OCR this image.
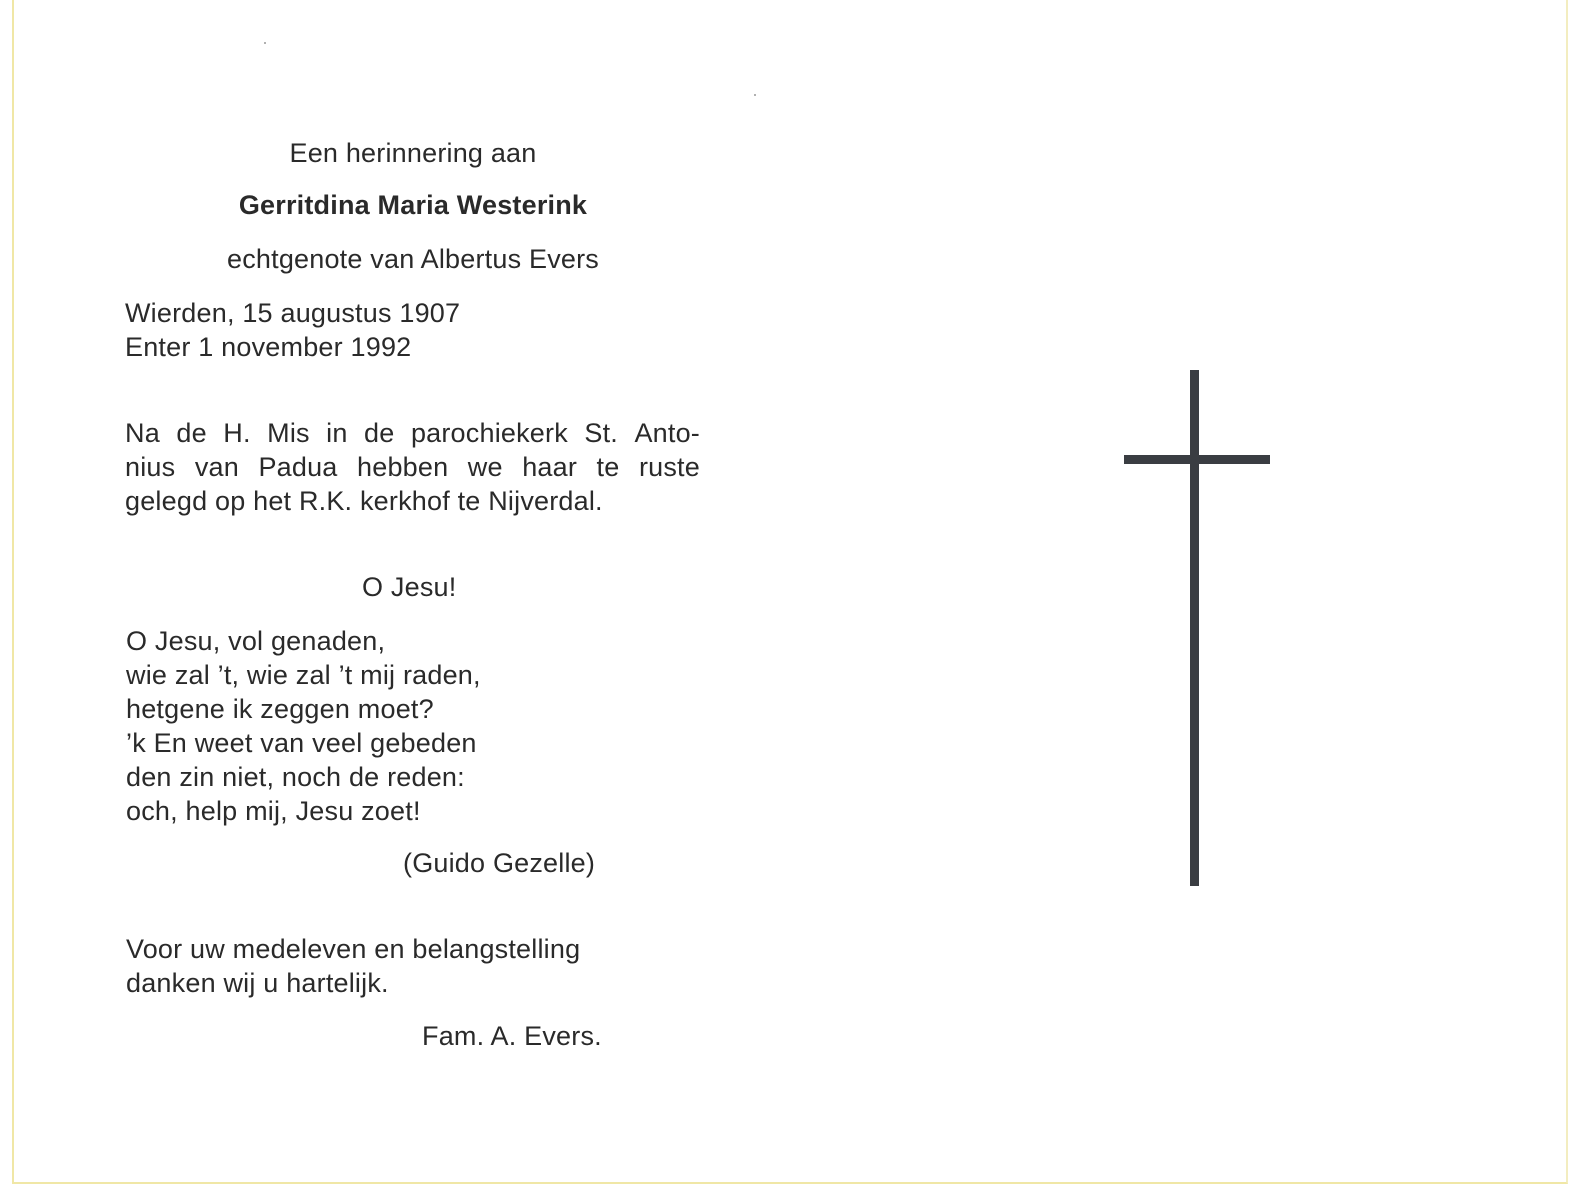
Een herinnering aan
Gerritdina Maria Westerink
echtgenote van Albertus Evers
Wierden, 15 augustus 1907
Enter 1 november 1992
Na de H. Mis in de parochiekerk St. Anto-
nius van Padua hebben we haar te ruste
gelegd op het R.K. kerkhof te Nijverdal.
O Jesu!
O Jesu, vol genaden,
wie zal ’t, wie zal ’t mij raden,
hetgene ik zeggen moet?
’k En weet van veel gebeden
den zin niet, noch de reden:
och, help mij, Jesu zoet!
(Guido Gezelle)
Voor uw medeleven en belangstelling
danken wij u hartelijk.
Fam. A. Evers.
